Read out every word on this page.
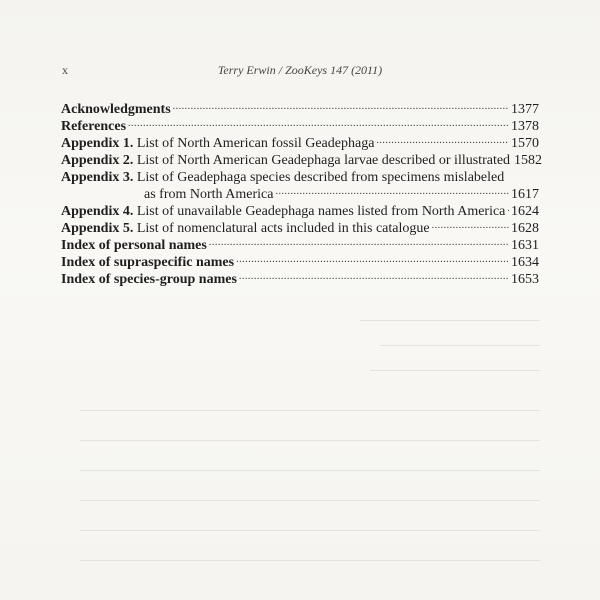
x	Terry Erwin / ZooKeys 147 (2011)
Acknowledgments .....	1377
References .....	1378
Appendix 1. List of North American fossil Geadephaga .....	1570
Appendix 2. List of North American Geadephaga larvae described or illustrated 1582
Appendix 3. List of Geadephaga species described from specimens mislabeled
as from North America .....	1617
Appendix 4. List of unavailable Geadephaga names listed from North America ..... 1624
Appendix 5. List of nomenclatural acts included in this catalogue .....	1628
Index of personal names .....	1631
Index of supraspecific names .....	1634
Index of species-group names .....	1653
